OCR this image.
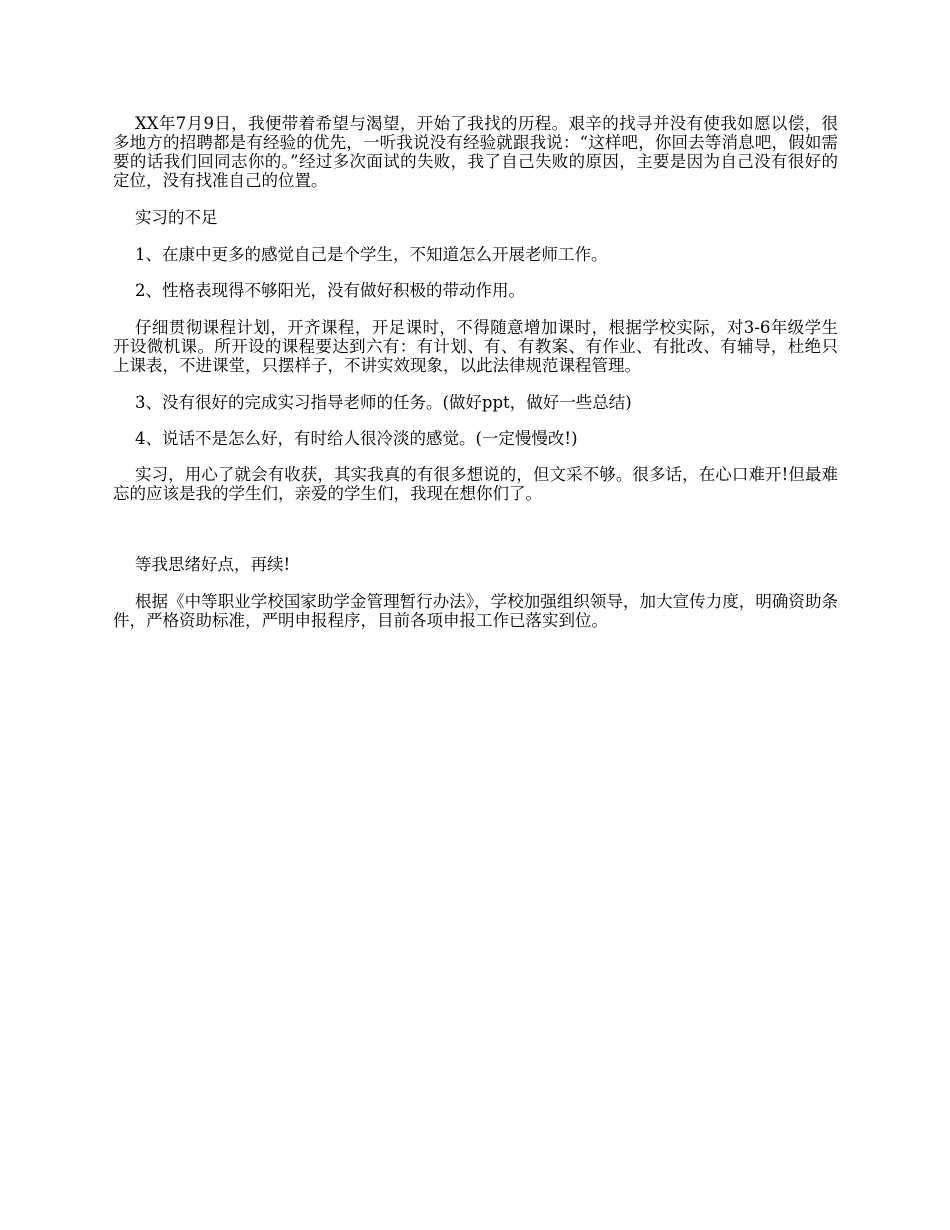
XX年7月9日，我便带着希望与渴望，开始了我找的历程。艰辛的找寻并没有使我如愿以偿，很多地方的招聘都是有经验的优先，一听我说没有经验就跟我说：“这样吧，你回去等消息吧，假如需要的话我们回同志你的。”经过多次面试的失败，我了自己失败的原因，主要是因为自己没有很好的定位，没有找准自己的位置。

实习的不足

1、在康中更多的感觉自己是个学生，不知道怎么开展老师工作。

2、性格表现得不够阳光，没有做好积极的带动作用。

仔细贯彻课程计划，开齐课程，开足课时，不得随意增加课时，根据学校实际，对3-6年级学生开设微机课。所开设的课程要达到六有：有计划、有、有教案、有作业、有批改、有辅导，杜绝只上课表，不进课堂，只摆样子，不讲实效现象，以此法律规范课程管理。

3、没有很好的完成实习指导老师的任务。(做好ppt，做好一些总结)

4、说话不是怎么好，有时给人很冷淡的感觉。(一定慢慢改!)

实习，用心了就会有收获，其实我真的有很多想说的，但文采不够。很多话，在心口难开!但最难忘的应该是我的学生们，亲爱的学生们，我现在想你们了。

等我思绪好点，再续!

根据《中等职业学校国家助学金管理暂行办法》，学校加强组织领导，加大宣传力度，明确资助条件，严格资助标准，严明申报程序，目前各项申报工作已落实到位。
